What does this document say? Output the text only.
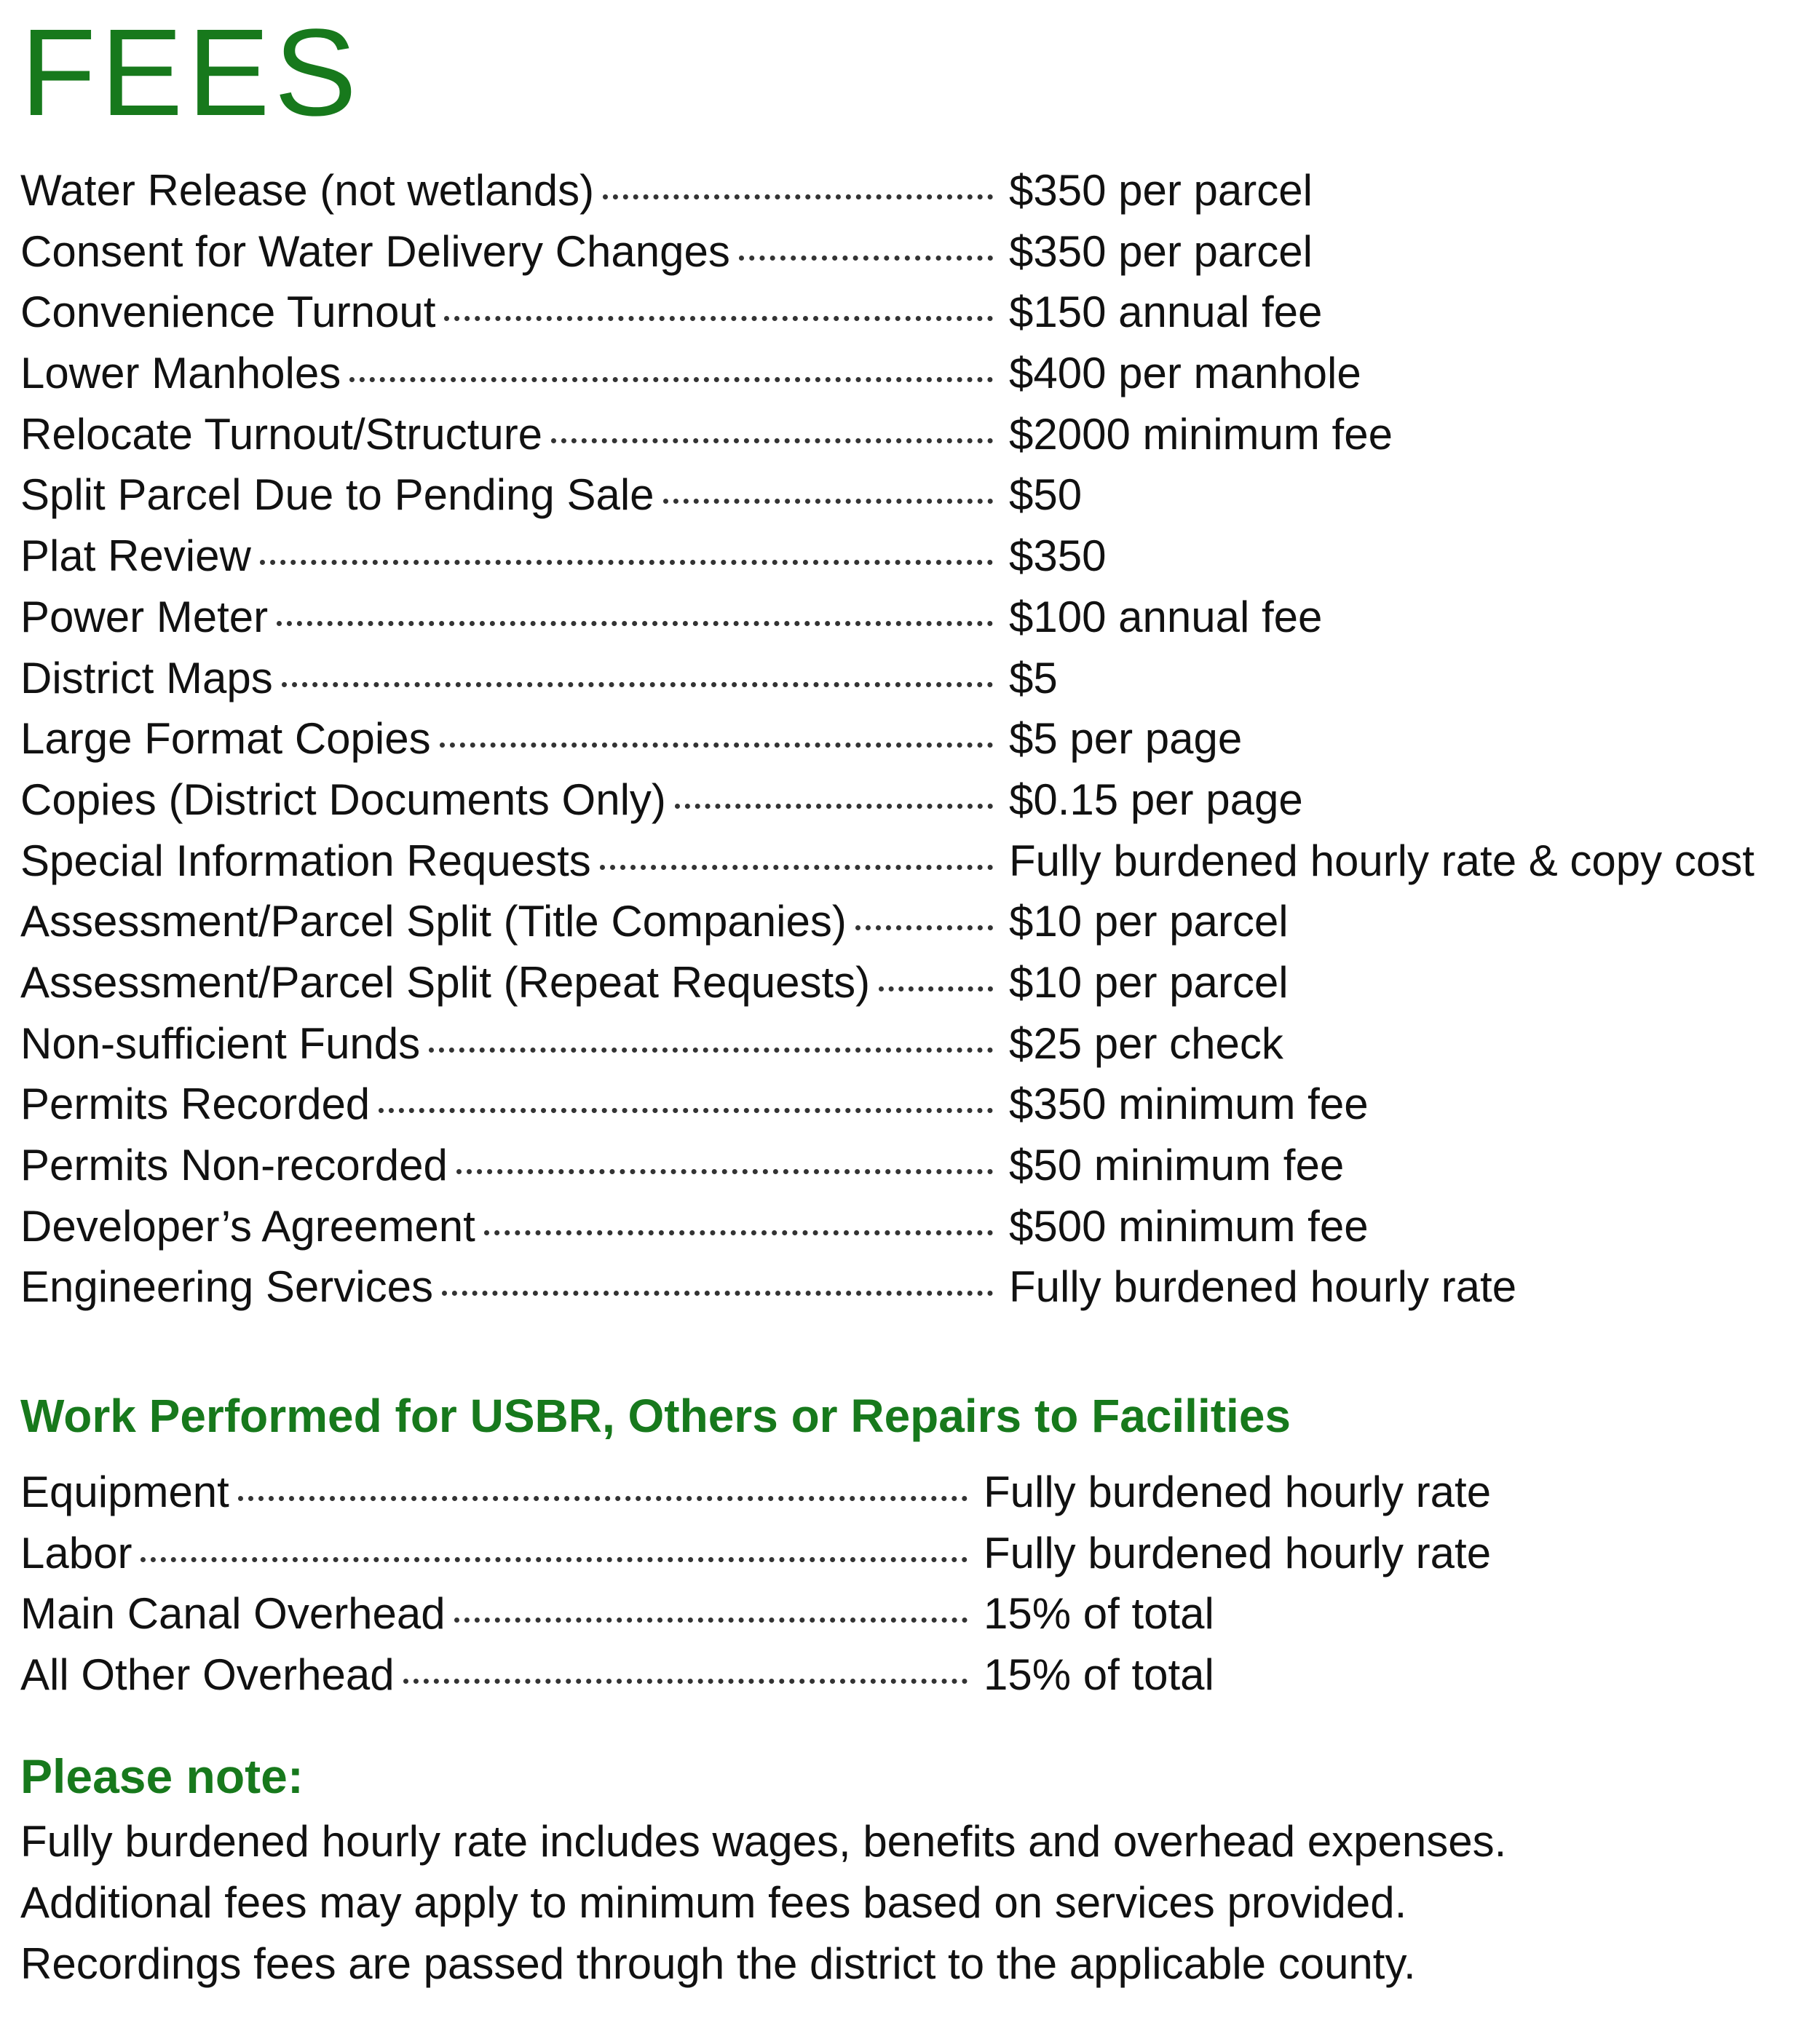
FEES
Water Release (not wetlands)	$350 per parcel
Consent for Water Delivery Changes	$350 per parcel
Convenience Turnout	$150 annual fee
Lower Manholes	$400 per manhole
Relocate Turnout/Structure	$2000 minimum fee
Split Parcel Due to Pending Sale	$50
Plat Review	$350
Power Meter	$100 annual fee
District Maps	$5
Large Format Copies	$5 per page
Copies (District Documents Only)	$0.15 per page
Special Information Requests	Fully burdened hourly rate & copy cost
Assessment/Parcel Split (Title Companies)	$10 per parcel
Assessment/Parcel Split (Repeat Requests)	$10 per parcel
Non-sufficient Funds	$25 per check
Permits Recorded	$350 minimum fee
Permits Non-recorded	$50 minimum fee
Developer’s Agreement	$500 minimum fee
Engineering Services	Fully burdened hourly rate
Work Performed for USBR, Others or Repairs to Facilities
Equipment	Fully burdened hourly rate
Labor	Fully burdened hourly rate
Main Canal Overhead	15% of total
All Other Overhead	15% of total
Please note:
Fully burdened hourly rate includes wages, benefits and overhead expenses.
Additional fees may apply to minimum fees based on services provided.
Recordings fees are passed through the district to the applicable county.
